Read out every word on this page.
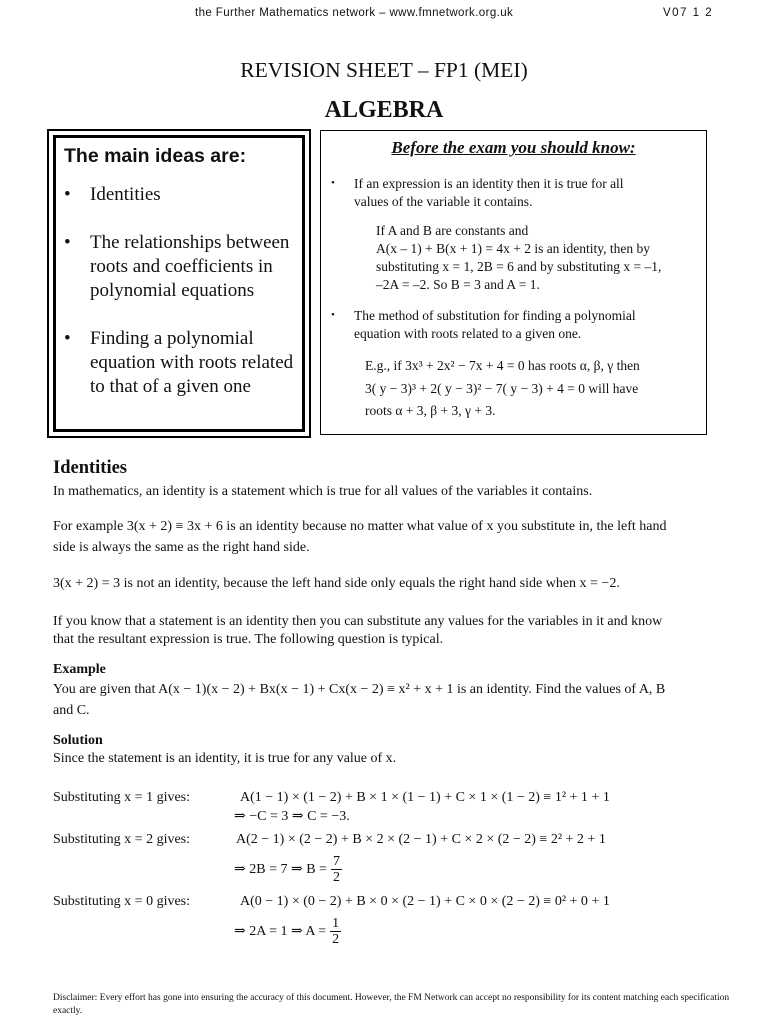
the Further Mathematics network – www.fmnetwork.org.uk	V07 1 2
REVISION SHEET – FP1 (MEI)
ALGEBRA
The main ideas are:
• Identities
• The relationships between roots and coefficients in polynomial equations
• Finding a polynomial equation with roots related to that of a given one
Before the exam you should know:
• If an expression is an identity then it is true for all
values of the variable it contains.
If A and B are constants and
A(x – 1) + B(x + 1) = 4x + 2 is an identity, then by
substituting x = 1, 2B = 6 and by substituting x = –1,
–2A = –2. So B = 3 and A = 1.
• The method of substitution for finding a polynomial
equation with roots related to a given one.
E.g., if 3x³ + 2x² − 7x + 4 = 0 has roots α, β, γ then
3( y − 3)³ + 2( y − 3)² − 7( y − 3) + 4 = 0 will have
roots α + 3, β + 3, γ + 3.
Identities
In mathematics, an identity is a statement which is true for all values of the variables it contains.
For example 3(x + 2) ≡ 3x + 6 is an identity because no matter what value of x you substitute in, the left hand
side is always the same as the right hand side.
3(x + 2) = 3 is not an identity, because the left hand side only equals the right hand side when x = −2.
If you know that a statement is an identity then you can substitute any values for the variables in it and know
that the resultant expression is true. The following question is typical.
Example
You are given that A(x − 1)(x − 2) + Bx(x − 1) + Cx(x − 2) ≡ x² + x + 1 is an identity. Find the values of A, B
and C.
Solution
Since the statement is an identity, it is true for any value of x.
Substituting x = 1 gives:	A(1 − 1) × (1 − 2) + B × 1 × (1 − 1) + C × 1 × (1 − 2) ≡ 1² + 1 + 1
⇒ −C = 3 ⇒ C = −3.
Substituting x = 2 gives:	A(2 − 1) × (2 − 2) + B × 2 × (2 − 1) + C × 2 × (2 − 2) ≡ 2² + 2 + 1
⇒ 2B = 7 ⇒ $B = \frac{7}{2}$
Substituting x = 0 gives:	A(0 − 1) × (0 − 2) + B × 0 × (2 − 1) + C × 0 × (2 − 2) ≡ 0² + 0 + 1
⇒ 2A = 1 ⇒ $A = \frac{1}{2}$
Disclaimer: Every effort has gone into ensuring the accuracy of this document. However, the FM Network can accept no responsibility for its content matching each specification exactly.
